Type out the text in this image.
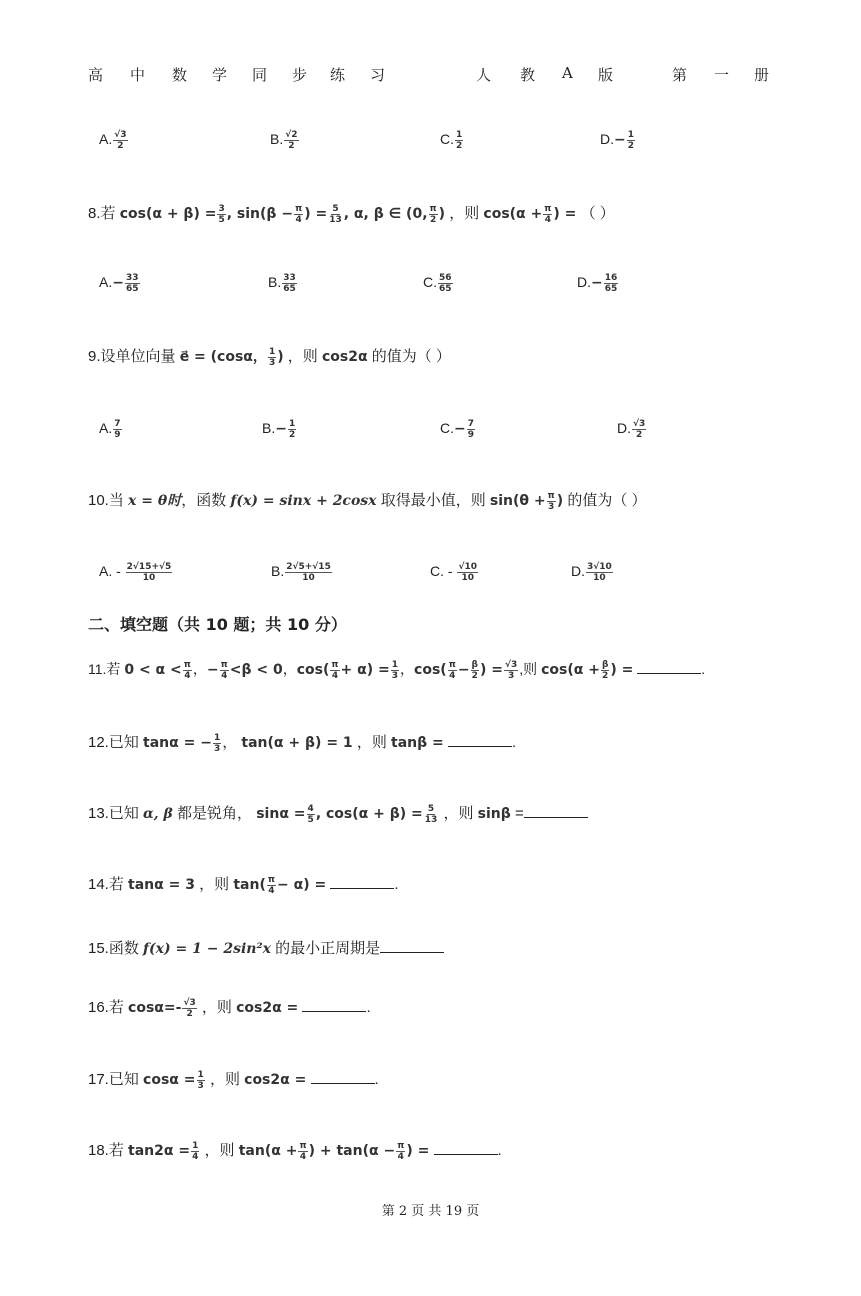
高 中 数 学 同 步 练 习	人 教 A 版	第 一 册
A. $\frac{√3}{2}$	B. $\frac{√2}{2}$	C. $\frac{1}{2}$	$D.- \frac{1}{2}$
8.若 $\cos(\alpha + \beta) = \frac{3}{5}$ , $\sin(\beta - \frac{\pi}{4}$ ) = $\frac{5}{13}$ , α, β ∈ (0, $\frac{\pi}{2}$ ) ，则 $\cos(\alpha + \frac{\pi}{4}$ ) = （ ）
$A.- \frac{33}{65}$	B. $\frac{33}{65}$	C. $\frac{56}{65}$	$D.- \frac{16}{65}$
9.设单位向量 e⃗ = (cosα， $\frac{1}{3}$ ) ，则 cos2α 的值为（ ）
A. $\frac{7}{9}$	$B.- \frac{1}{2}$	$C.- \frac{7}{9}$	D. $\frac{√3}{2}$
10.当 x = θ时，函数 f(x) = sinx + 2cosx 取得最小值，则 $\sin(\theta + \frac{\pi}{3}$ ) 的值为（ ）
A. - $\frac{2√15+√5}{10}$	B. $\frac{2√5+√15}{10}$	C. - $\frac{√10}{10}$	D. $\frac{3√10}{10}$
二、填空题（共 10 题；共 10 分）
11.若 $0 < \alpha < \frac{\pi}{4}$ ，− $\frac{\pi}{4} <\beta < 0$，$\cos( \frac{\pi}{4} + \alpha) = \frac{1}{3}$ ，$\cos( \frac{\pi}{4} - \frac{\beta}{2}$ ) = $\frac{√3}{3}$ ,则 $\cos(\alpha + \frac{\beta}{2}$ ) =	.
12.已知 tanα = − $\frac{1}{3}$ ， tan(α + β) = 1 ，则 tanβ =	.
13.已知 α, β 都是锐角， $\sin\alpha = \frac{4}{5}$ , $\cos(\alpha + \beta) = \frac{5}{13}$ ，则 sinβ =
14.若 tanα = 3 ，则 $\tan( \frac{\pi}{4} - \alpha)$ =	.
15.函数 f(x) = 1 − 2sin²x 的最小正周期是
16.若 $\cos\alpha=- \frac{√3}{2}$ ，则 cos2α =	.
17.已知 $\cos\alpha = \frac{1}{3}$ ，则 cos2α =	.
18.若 $\tan 2\alpha = \frac{1}{4}$ ，则 $\tan(\alpha + \frac{\pi}{4}$ ) + $\tan(\alpha - \frac{\pi}{4}$ ) =	.
第 2 页 共 19 页
